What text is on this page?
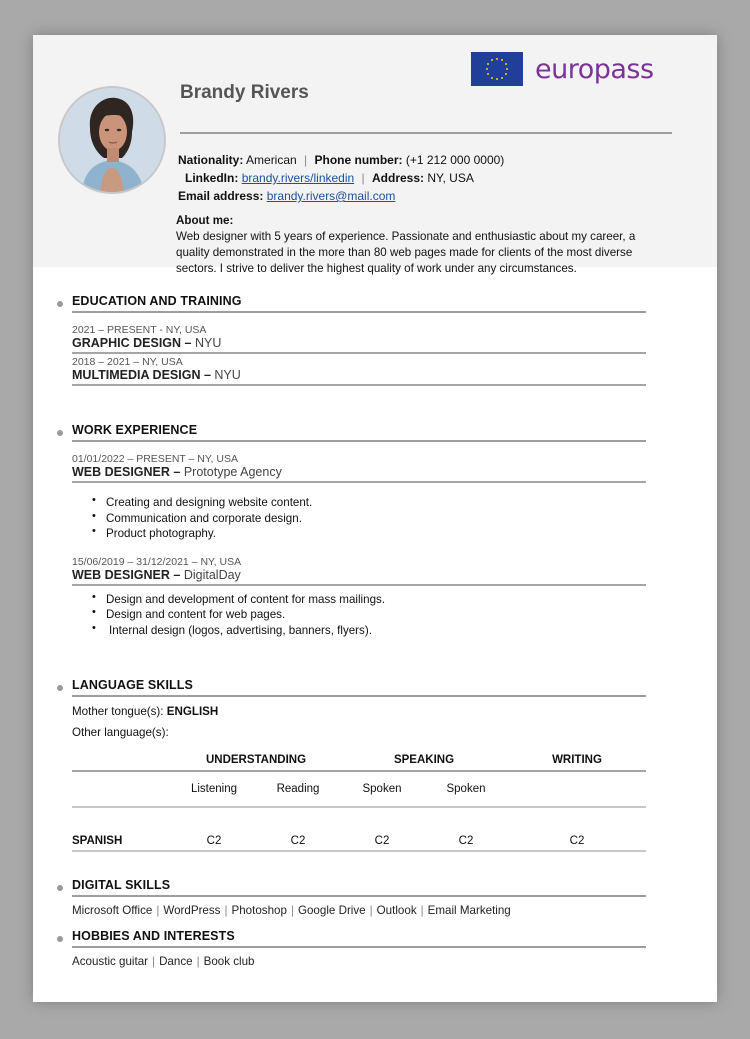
europass
Brandy Rivers
Nationality: American | Phone number: (+1 212 000 0000)
LinkedIn: brandy.rivers/linkedin | Address: NY, USA
Email address: brandy.rivers@mail.com
About me:
Web designer with 5 years of experience. Passionate and enthusiastic about my career, a quality demonstrated in the more than 80 web pages made for clients of the most diverse sectors. I strive to deliver the highest quality of work under any circumstances.
EDUCATION AND TRAINING
2021 – PRESENT - NY, USA
GRAPHIC DESIGN – NYU
2018 – 2021 – NY, USA
MULTIMEDIA DESIGN – NYU
WORK EXPERIENCE
01/01/2022 – PRESENT – NY, USA
WEB DESIGNER – Prototype Agency
• Creating and designing website content.
• Communication and corporate design.
• Product photography.
15/06/2019 – 31/12/2021 – NY, USA
WEB DESIGNER – DigitalDay
• Design and development of content for mass mailings.
• Design and content for web pages.
• Internal design (logos, advertising, banners, flyers).
LANGUAGE SKILLS
Mother tongue(s): ENGLISH
Other language(s):
	UNDERSTANDING		SPEAKING		WRITING
	Listening	Reading	Spoken	Spoken	
SPANISH	C2	C2	C2	C2	C2
DIGITAL SKILLS
Microsoft Office | WordPress | Photoshop | Google Drive | Outlook | Email Marketing
HOBBIES AND INTERESTS
Acoustic guitar | Dance | Book club
